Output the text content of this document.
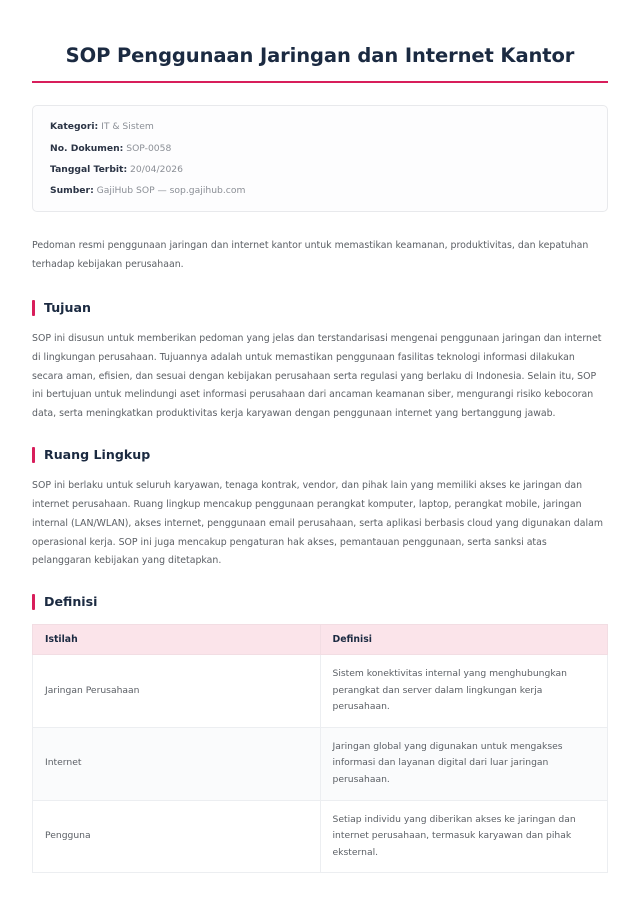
SOP Penggunaan Jaringan dan Internet Kantor
Kategori: IT & Sistem
No. Dokumen: SOP-0058
Tanggal Terbit: 20/04/2026
Sumber: GajiHub SOP — sop.gajihub.com

Pedoman resmi penggunaan jaringan dan internet kantor untuk memastikan keamanan, produktivitas, dan kepatuhan terhadap kebijakan perusahaan.

Tujuan

SOP ini disusun untuk memberikan pedoman yang jelas dan terstandarisasi mengenai penggunaan jaringan dan internet di lingkungan perusahaan. Tujuannya adalah untuk memastikan penggunaan fasilitas teknologi informasi dilakukan secara aman, efisien, dan sesuai dengan kebijakan perusahaan serta regulasi yang berlaku di Indonesia. Selain itu, SOP ini bertujuan untuk melindungi aset informasi perusahaan dari ancaman keamanan siber, mengurangi risiko kebocoran data, serta meningkatkan produktivitas kerja karyawan dengan penggunaan internet yang bertanggung jawab.

Ruang Lingkup

SOP ini berlaku untuk seluruh karyawan, tenaga kontrak, vendor, dan pihak lain yang memiliki akses ke jaringan dan internet perusahaan. Ruang lingkup mencakup penggunaan perangkat komputer, laptop, perangkat mobile, jaringan internal (LAN/WLAN), akses internet, penggunaan email perusahaan, serta aplikasi berbasis cloud yang digunakan dalam operasional kerja. SOP ini juga mencakup pengaturan hak akses, pemantauan penggunaan, serta sanksi atas pelanggaran kebijakan yang ditetapkan.

Definisi
Istilah	Definisi
Jaringan Perusahaan	Sistem konektivitas internal yang menghubungkan perangkat dan server dalam lingkungan kerja perusahaan.
Internet	Jaringan global yang digunakan untuk mengakses informasi dan layanan digital dari luar jaringan perusahaan.
Pengguna	Setiap individu yang diberikan akses ke jaringan dan internet perusahaan, termasuk karyawan dan pihak eksternal.
